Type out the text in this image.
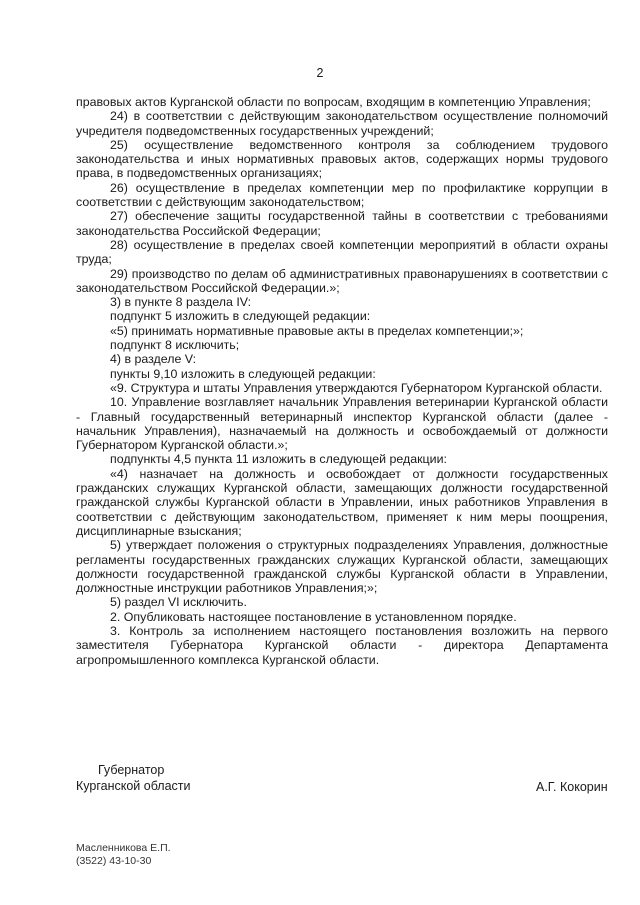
2

правовых актов Курганской области по вопросам, входящим в компетенцию Управления;

24) в соответствии с действующим законодательством осуществление полномочий учредителя подведомственных государственных учреждений;

25) осуществление ведомственного контроля за соблюдением трудового законодательства и иных нормативных правовых актов, содержащих нормы трудового права, в подведомственных организациях;

26) осуществление в пределах компетенции мер по профилактике коррупции в соответствии с действующим законодательством;

27) обеспечение защиты государственной тайны в соответствии с требованиями законодательства Российской Федерации;

28) осуществление в пределах своей компетенции мероприятий в области охраны труда;

29) производство по делам об административных правонарушениях в соответствии с законодательством Российской Федерации.»;

3) в пункте 8 раздела IV:

подпункт 5 изложить в следующей редакции:

«5) принимать нормативные правовые акты в пределах компетенции;»;

подпункт 8 исключить;

4) в разделе V:

пункты 9,10 изложить в следующей редакции:

«9. Структура и штаты Управления утверждаются Губернатором Курганской области.

10. Управление возглавляет начальник Управления ветеринарии Курганской области - Главный государственный ветеринарный инспектор Курганской области (далее - начальник Управления), назначаемый на должность и освобождаемый от должности Губернатором Курганской области.»;

подпункты 4,5 пункта 11 изложить в следующей редакции:

«4) назначает на должность и освобождает от должности государственных гражданских служащих Курганской области, замещающих должности государственной гражданской службы Курганской области в Управлении, иных работников Управления в соответствии с действующим законодательством, применяет к ним меры поощрения, дисциплинарные взыскания;

5) утверждает положения о структурных подразделениях Управления, должностные регламенты государственных гражданских служащих Курганской области, замещающих должности государственной гражданской службы Курганской области в Управлении, должностные инструкции работников Управления;»;

5) раздел VI исключить.

2. Опубликовать настоящее постановление в установленном порядке.

3. Контроль за исполнением настоящего постановления возложить на первого заместителя Губернатора Курганской области - директора Департамента агропромышленного комплекса Курганской области.

Губернатор
Курганской области	А.Г. Кокорин
Масленникова Е.П.
(3522) 43-10-30
